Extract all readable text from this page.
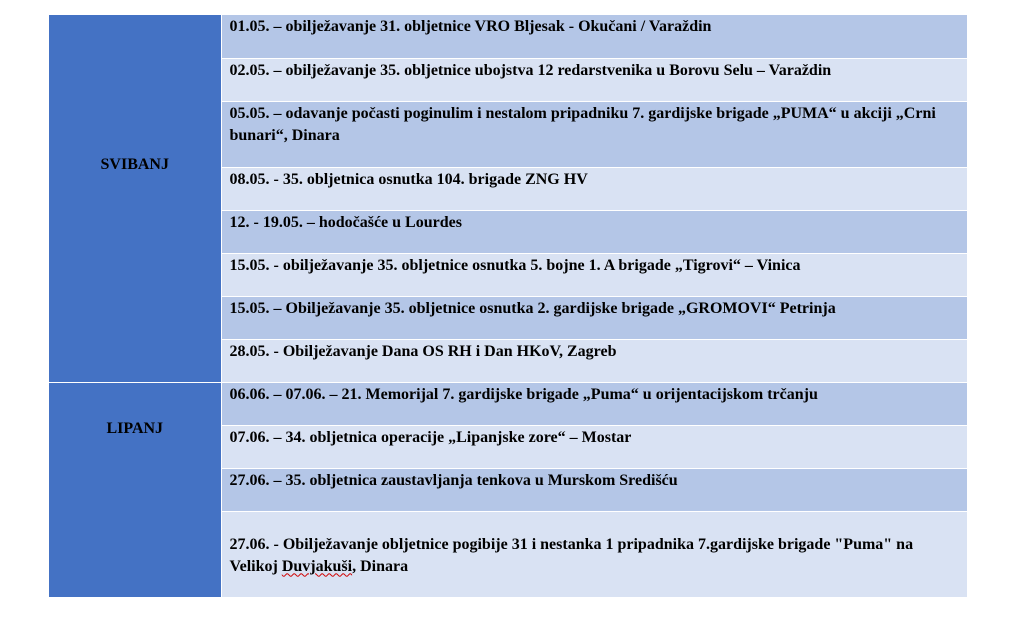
SVIBANJ	01.05. – obilježavanje 31. obljetnice VRO Bljesak - Okučani / Varaždin

	02.05. – obilježavanje 35. obljetnice ubojstva 12 redarstvenika u Borovu Selu – Varaždin

	05.05. – odavanje počasti poginulim i nestalom pripadniku 7. gardijske brigade „PUMA“ u akciji „Crni bunari“, Dinara

	08.05. - 35. obljetnica osnutka 104. brigade ZNG HV

	12. - 19.05. – hodočašće u Lourdes

	15.05. - obilježavanje 35. obljetnice osnutka 5. bojne 1. A brigade „Tigrovi“ – Vinica

	15.05. – Obilježavanje 35. obljetnice osnutka 2. gardijske brigade „GROMOVI“ Petrinja

	28.05. - Obilježavanje Dana OS RH i Dan HKoV, Zagreb

LIPANJ	06.06. – 07.06. – 21. Memorijal 7. gardijske brigade „Puma“ u orijentacijskom trčanju

	07.06. – 34. obljetnica operacije „Lipanjske zore“ – Mostar

	27.06. – 35. obljetnica zaustavljanja tenkova u Murskom Središću

	27.06. - Obilježavanje obljetnice pogibije 31 i nestanka 1 pripadnika 7.gardijske brigade "Puma" na Velikoj Duvjakuši, Dinara
